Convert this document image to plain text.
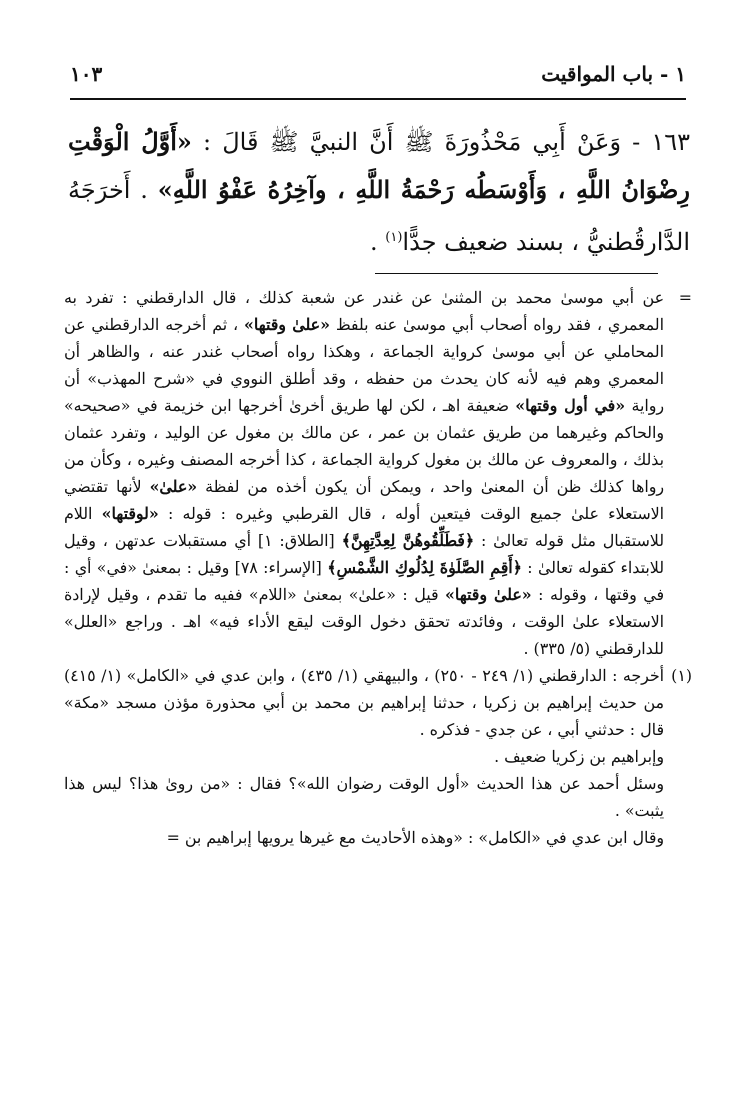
١ - باب المواقيت
١٠٣
١٦٣ - وَعَنْ أَبِي مَحْذُورَةَ ﷺ أَنَّ النبيَّ ﷺ قَالَ : «أَوَّلُ الْوَقْتِ رِضْوَانُ اللَّهِ ، وَأَوْسَطُه رَحْمَةُ اللَّهِ ، وآخِرُهُ عَفْوُ اللَّهِ» . أَخرَجَهُ الدَّارقُطنيُّ ، بسند ضعيف جدًّا$^{(١)}$ .
=
عن أبي موسىٰ محمد بن المثنىٰ عن غندر عن شعبة كذلك ، قال الدارقطني : تفرد به المعمري ، فقد رواه أصحاب أبي موسىٰ عنه بلفظ «علىٰ وقتها» ، ثم أخرجه الدارقطني عن المحاملي عن أبي موسىٰ كرواية الجماعة ، وهكذا رواه أصحاب غندر عنه ، والظاهر أن المعمري وهم فيه لأنه كان يحدث من حفظه ، وقد أطلق النووي في «شرح المهذب» أن رواية «في أول وقتها» ضعيفة اهـ ، لكن لها طريق أخرىٰ أخرجها ابن خزيمة في «صحيحه» والحاكم وغيرهما من طريق عثمان بن عمر ، عن مالك بن مغول عن الوليد ، وتفرد عثمان بذلك ، والمعروف عن مالك بن مغول كرواية الجماعة ، كذا أخرجه المصنف وغيره ، وكأن من رواها كذلك ظن أن المعنىٰ واحد ، ويمكن أن يكون أخذه من لفظة «علىٰ» لأنها تقتضي الاستعلاء علىٰ جميع الوقت فيتعين أوله ، قال القرطبي وغيره : قوله : «لوقتها» اللام للاستقبال مثل قوله تعالىٰ : ﴿فَطَلِّقُوهُنَّ لِعِدَّتِهِنَّ﴾ [الطلاق: ١] أي مستقبلات عدتهن ، وقيل للابتداء كقوله تعالىٰ : ﴿أَقِمِ الصَّلَوٰةَ لِدُلُوكِ الشَّمْسِ﴾ [الإسراء: ٧٨] وقيل : بمعنىٰ «في» أي : في وقتها ، وقوله : «علىٰ وقتها» قيل : «علىٰ» بمعنىٰ «اللام» ففيه ما تقدم ، وقيل لإرادة الاستعلاء علىٰ الوقت ، وفائدته تحقق دخول الوقت ليقع الأداء فيه» اهـ . وراجع «العلل» للدارقطني (٥/ ٣٣٥) .
(١)
أخرجه : الدارقطني (١/ ٢٤٩ - ٢٥٠) ، والبيهقي (١/ ٤٣٥) ، وابن عدي في «الكامل» (١/ ٤١٥) من حديث إبراهيم بن زكريا ، حدثنا إبراهيم بن محمد بن أبي محذورة مؤذن مسجد «مكة» قال : حدثني أبي ، عن جدي - فذكره .
وإبراهيم بن زكريا ضعيف .
وسئل أحمد عن هذا الحديث «أول الوقت رضوان الله»؟ فقال : «من روىٰ هذا؟ ليس هذا يثبت» .
وقال ابن عدي في «الكامل» : «وهذه الأحاديث مع غيرها يرويها إبراهيم بن =
